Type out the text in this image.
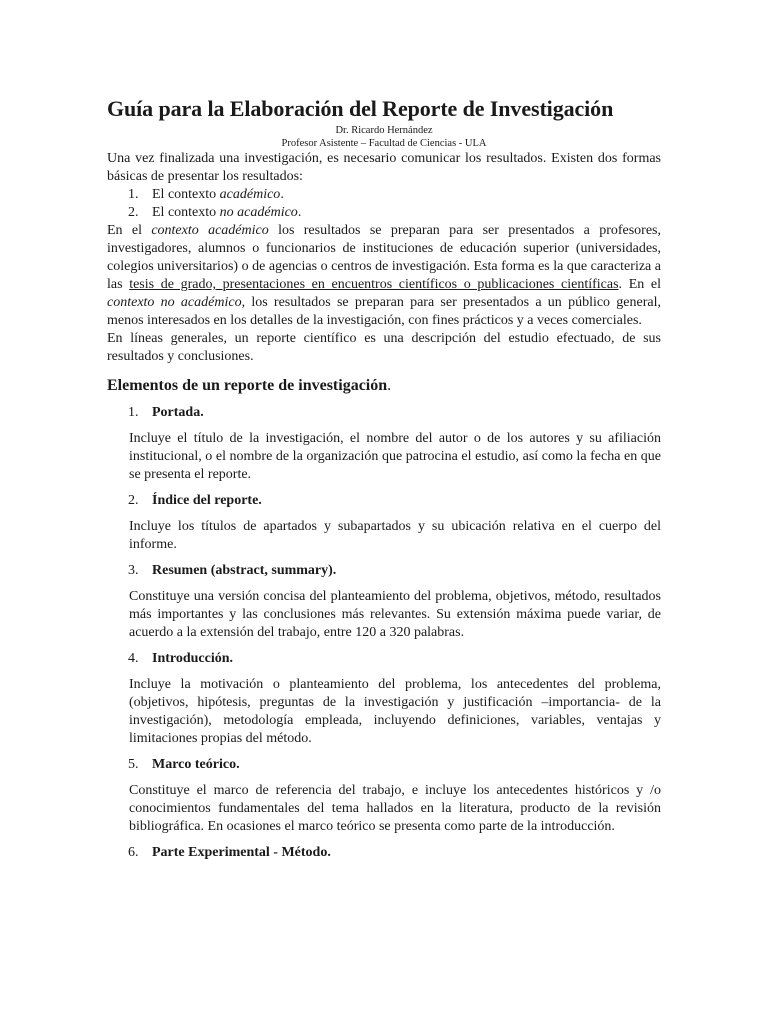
Guía para la Elaboración del Reporte de Investigación

Dr. Ricardo Hernández

Profesor Asistente – Facultad de Ciencias - ULA

Una vez finalizada una investigación, es necesario comunicar los resultados. Existen dos formas básicas de presentar los resultados:

1. El contexto académico.

2. El contexto no académico.

En el contexto académico los resultados se preparan para ser presentados a profesores, investigadores, alumnos o funcionarios de instituciones de educación superior (universidades, colegios universitarios) o de agencias o centros de investigación. Esta forma es la que caracteriza a las tesis de grado, presentaciones en encuentros científicos o publicaciones científicas. En el contexto no académico, los resultados se preparan para ser presentados a un público general, menos interesados en los detalles de la investigación, con fines prácticos y a veces comerciales.

En líneas generales, un reporte científico es una descripción del estudio efectuado, de sus resultados y conclusiones.

Elementos de un reporte de investigación.
1. Portada.

Incluye el título de la investigación, el nombre del autor o de los autores y su afiliación institucional, o el nombre de la organización que patrocina el estudio, así como la fecha en que se presenta el reporte.

2. Índice del reporte.

Incluye los títulos de apartados y subapartados y su ubicación relativa en el cuerpo del informe.

3. Resumen (abstract, summary).

Constituye una versión concisa del planteamiento del problema, objetivos, método, resultados más importantes y las conclusiones más relevantes. Su extensión máxima puede variar, de acuerdo a la extensión del trabajo, entre 120 a 320 palabras.

4. Introducción.

Incluye la motivación o planteamiento del problema, los antecedentes del problema, (objetivos, hipótesis, preguntas de la investigación y justificación –importancia- de la investigación), metodología empleada, incluyendo definiciones, variables, ventajas y limitaciones propias del método.

5. Marco teórico.

Constituye el marco de referencia del trabajo, e incluye los antecedentes históricos y /o conocimientos fundamentales del tema hallados en la literatura, producto de la revisión bibliográfica. En ocasiones el marco teórico se presenta como parte de la introducción.

6. Parte Experimental - Método.
